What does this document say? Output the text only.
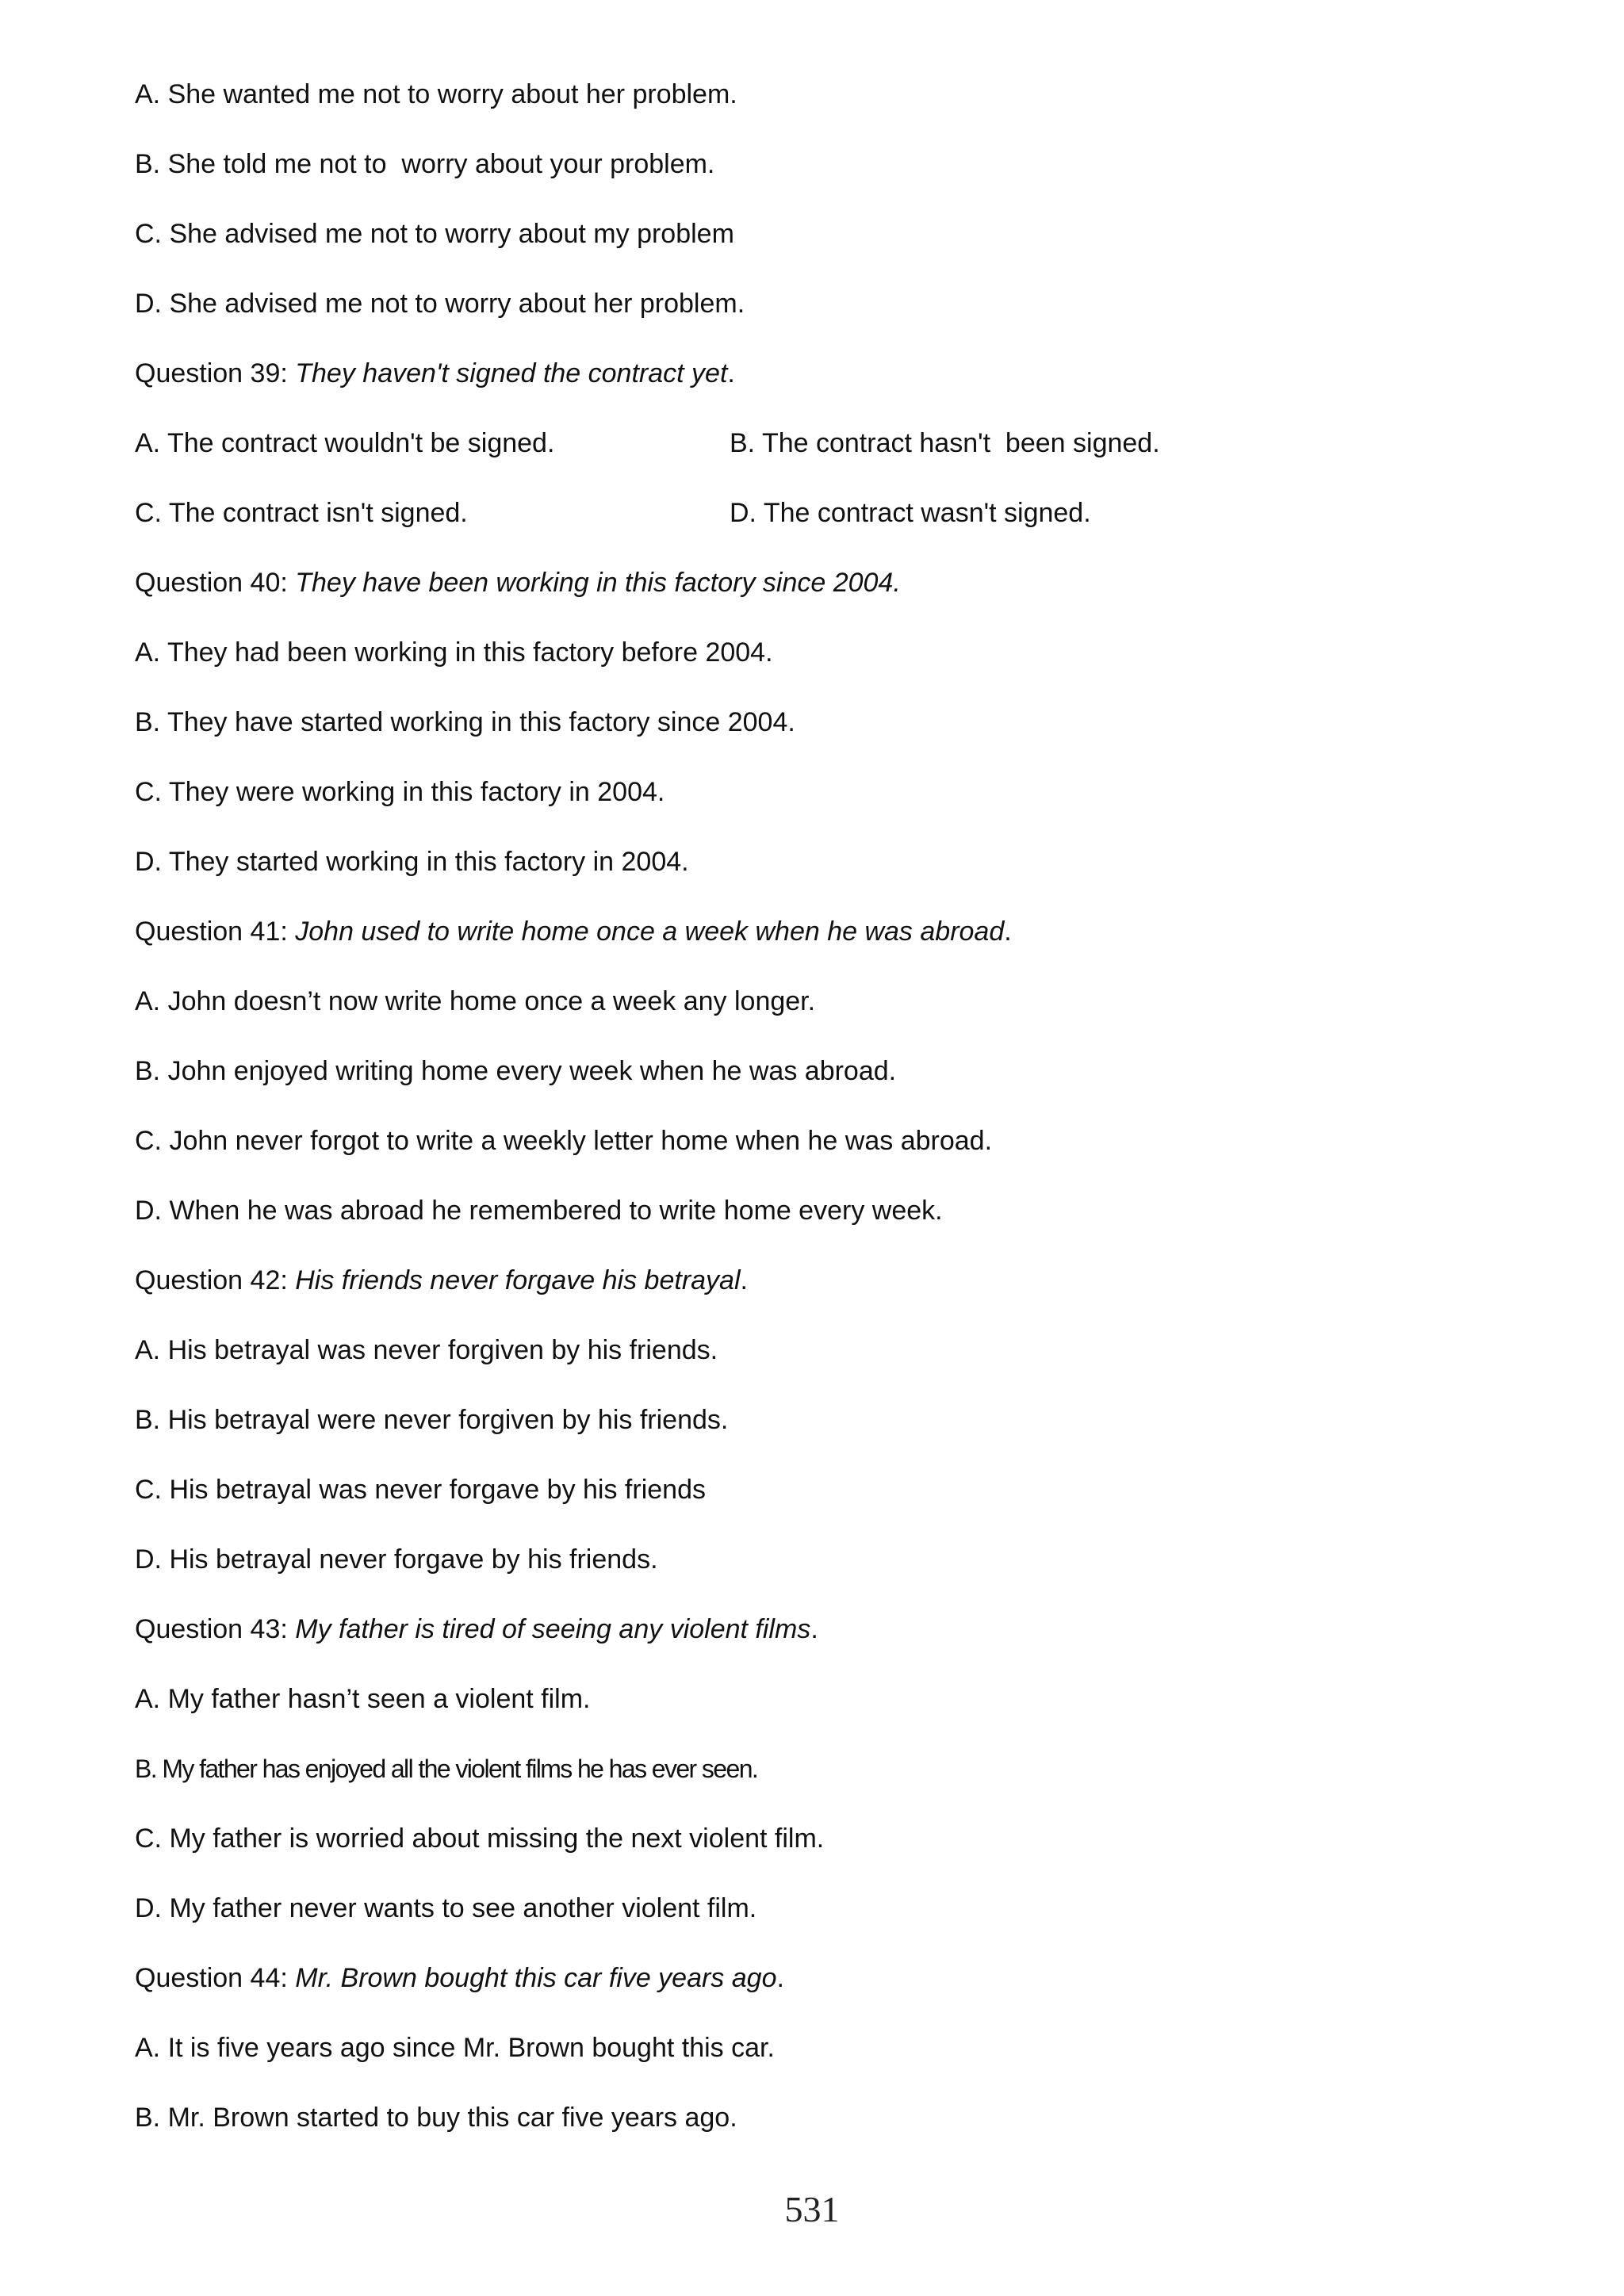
A. She wanted me not to worry about her problem.
B. She told me not to  worry about your problem.
C. She advised me not to worry about my problem
D. She advised me not to worry about her problem.
Question 39: They haven't signed the contract yet .
A. The contract wouldn't be signed.	B. The contract hasn't  been signed.
C. The contract isn't signed.	D. The contract wasn't signed.
Question 40: They have been working in this factory since 2004.
A. They had been working in this factory before 2004.
B. They have started working in this factory since 2004.
C. They were working in this factory in 2004.
D. They started working in this factory in 2004.
Question 41: John used to write home once a week when he was abroad .
A. John doesn’t now write home once a week any longer.
B. John enjoyed writing home every week when he was abroad.
C. John never forgot to write a weekly letter home when he was abroad.
D. When he was abroad he remembered to write home every week.
Question 42: His friends never forgave his betrayal .
A. His betrayal was never forgiven by his friends.
B. His betrayal were never forgiven by his friends.
C. His betrayal was never forgave by his friends
D. His betrayal never forgave by his friends.
Question 43: My father is tired of seeing any violent films .
A. My father hasn’t seen a violent film.
B. My father has enjoyed all the violent films he has ever seen.
C. My father is worried about missing the next violent film.
D. My father never wants to see another violent film.
Question 44: Mr. Brown bought this car five years ago .
A. It is five years ago since Mr. Brown bought this car.
B. Mr. Brown started to buy this car five years ago.
531
